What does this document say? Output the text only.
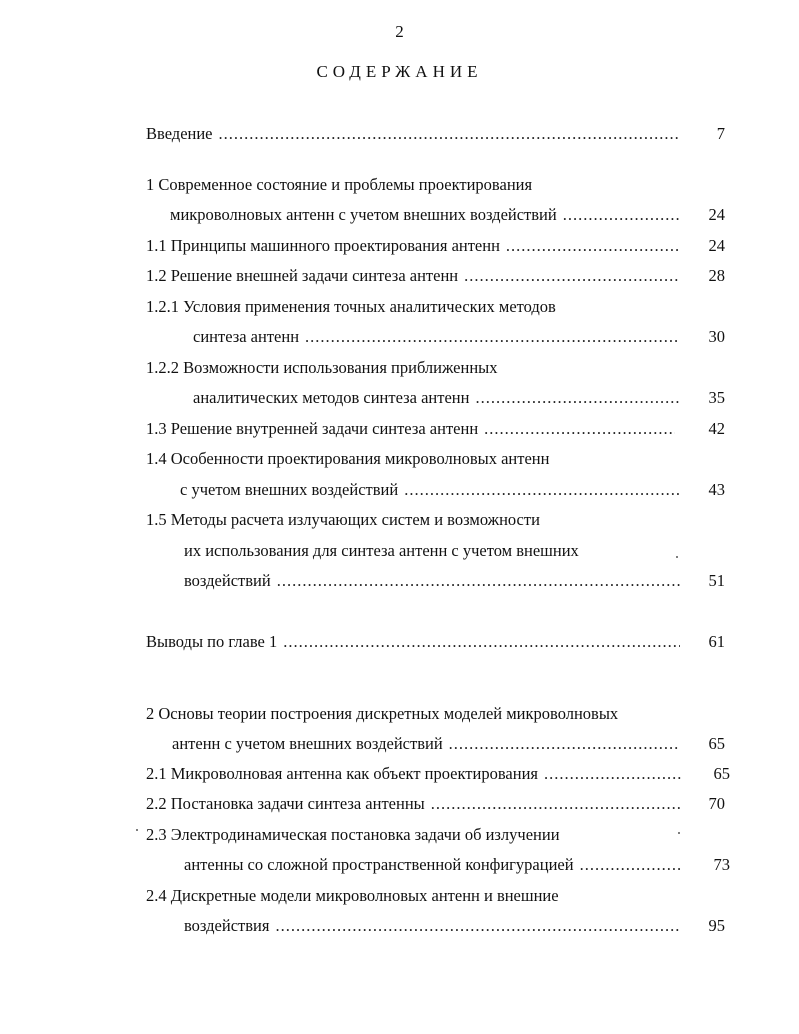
2
СОДЕРЖАНИЕ
Введение .....	7
1 Современное состояние и проблемы проектирования
микроволновых антенн с учетом внешних воздействий .....	24
1.1 Принципы машинного проектирования антенн .....	24
1.2 Решение внешней задачи синтеза антенн .....	28
1.2.1 Условия применения точных аналитических методов
синтеза антенн .....	30
1.2.2 Возможности использования приближенных
аналитических методов синтеза антенн .....	35
1.3 Решение внутренней задачи синтеза антенн .....	42
1.4 Особенности проектирования микроволновых антенн
с учетом внешних воздействий .....	43
1.5 Методы расчета излучающих систем и возможности
их использования для синтеза антенн с учетом внешних
воздействий .....	51
Выводы по главе 1 .....	61
2 Основы теории построения дискретных моделей микроволновых
антенн с учетом внешних воздействий .....	65
2.1 Микроволновая антенна как объект проектирования .....	65
2.2 Постановка задачи синтеза антенны .....	70
2.3 Электродинамическая постановка задачи об излучении
антенны со сложной пространственной конфигурацией .....	73
2.4 Дискретные модели микроволновых антенн и внешние
воздействия .....	95
